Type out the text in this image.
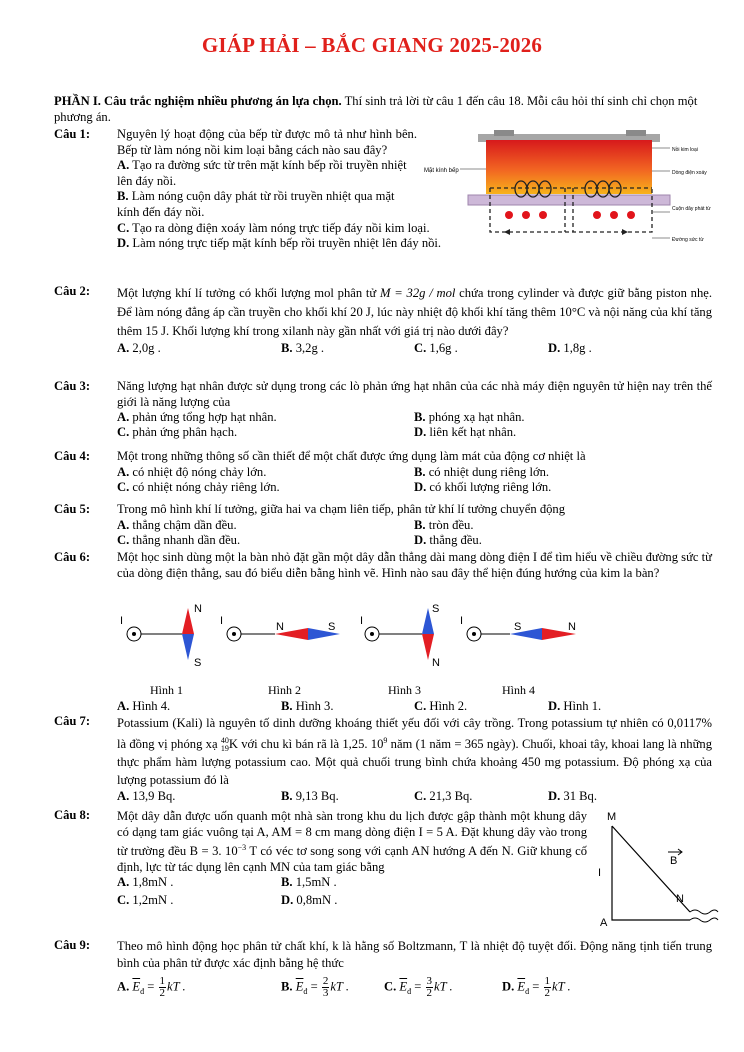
GIÁP HẢI – BẮC GIANG 2025-2026
PHẦN I. Câu trắc nghiệm nhiều phương án lựa chọn. Thí sinh trả lời từ câu 1 đến câu 18. Mỗi câu hỏi thí sinh chỉ chọn một phương án.
Câu 1: Nguyên lý hoạt động của bếp từ được mô tả như hình bên. Bếp từ làm nóng nồi kim loại bằng cách nào sau đây?
A. Tạo ra đường sức từ trên mặt kính bếp rồi truyền nhiệt lên đáy nồi.
B. Làm nóng cuộn dây phát từ rồi truyền nhiệt qua mặt kính đến đáy nồi.
C. Tạo ra dòng điện xoáy làm nóng trực tiếp đáy nồi kim loại.
D. Làm nóng trực tiếp mặt kính bếp rồi truyền nhiệt lên đáy nồi.
Mặt kính bếp
Nồi kim loại
Dòng điện xoáy
Cuộn dây phát từ
Đường sức từ
Câu 2: Một lượng khí lí tưởng có khối lượng mol phân tử M = 32g / mol chứa trong cylinder và được giữ bằng piston nhẹ. Để làm nóng đẳng áp cần truyền cho khối khí 20 J, lúc này nhiệt độ khối khí tăng thêm 10°C và nội năng của khí tăng thêm 15 J. Khối lượng khí trong xilanh này gần nhất với giá trị nào dưới đây?
A. 2,0g .	B. 3,2g .	C. 1,6g .	D. 1,8g .
Câu 3: Năng lượng hạt nhân được sử dụng trong các lò phản ứng hạt nhân của các nhà máy điện nguyên tử hiện nay trên thế giới là năng lượng của
A. phản ứng tổng hợp hạt nhân.	B. phóng xạ hạt nhân.
C. phản ứng phân hạch.	D. liên kết hạt nhân.
Câu 4: Một trong những thông số cần thiết để một chất được ứng dụng làm mát của động cơ nhiệt là
A. có nhiệt độ nóng chảy lớn.	B. có nhiệt dung riêng lớn.
C. có nhiệt nóng chảy riêng lớn.	D. có khối lượng riêng lớn.
Câu 5: Trong mô hình khí lí tưởng, giữa hai va chạm liên tiếp, phân tử khí lí tưởng chuyển động
A. thẳng chậm dần đều.	B. tròn đều.
C. thẳng nhanh dần đều.	D. thẳng đều.
Câu 6: Một học sinh dùng một la bàn nhỏ đặt gần một dây dẫn thẳng dài mang dòng điện I để tìm hiểu về chiều đường sức từ của dòng điện thẳng, sau đó biểu diễn bằng hình vẽ. Hình nào sau đây thể hiện đúng hướng của kim la bàn?
I
N
S
I	N	S I
S
N
I	S	N
Hình 1	Hình 2	Hình 3	Hình 4
A. Hình 4.	B. Hình 3.	C. Hình 2.	D. Hình 1.
Câu 7: Potassium (Kali) là nguyên tố dinh dưỡng khoáng thiết yếu đối với cây trồng. Trong potassium tự nhiên có 0,0117% là đồng vị phóng xạ 40
19 K với chu kì bán rã là 1,25. $10^9$ năm (1 năm = 365 ngày). Chuối, khoai tây, khoai lang là những thực phẩm hàm lượng potassium cao. Một quả chuối trung bình chứa khoảng 450 mg potassium. Độ phóng xạ của lượng potassium đó là
A. 13,9 Bq.	B. 9,13 Bq.	C. 21,3 Bq.	D. 31 Bq.
Câu 8: Một dây dẫn được uốn quanh một nhà sàn trong khu du lịch được gập thành một khung dây có dạng tam giác vuông tại A, AM = 8 cm mang dòng điện I = 5 A. Đặt khung dây vào trong từ trường đều B = 3. $10^{-3}$ T có véc tơ song song với cạnh AN hướng A đến N. Giữ khung cố định, lực từ tác dụng lên cạnh MN của tam giác bằng
A. 1,8mN .	B. 1,5mN .
C. 1,2mN .	D. 0,8mN .
M
I
A
N
B
Câu 9: Theo mô hình động học phân tử chất khí, k là hằng số Boltzmann, T là nhiệt độ tuyệt đối. Động năng tịnh tiến trung bình của phân tử được xác định bằng hệ thức
A. $\overline{E}_đ = \frac{1}{2}$ kT .	B. $\overline{E}_đ = \frac{2}{3}$ kT .	C. $\overline{E}_đ = \frac{3}{2}$ kT .	D. $\overline{E}_đ = \frac{1}{2}$ kT .
